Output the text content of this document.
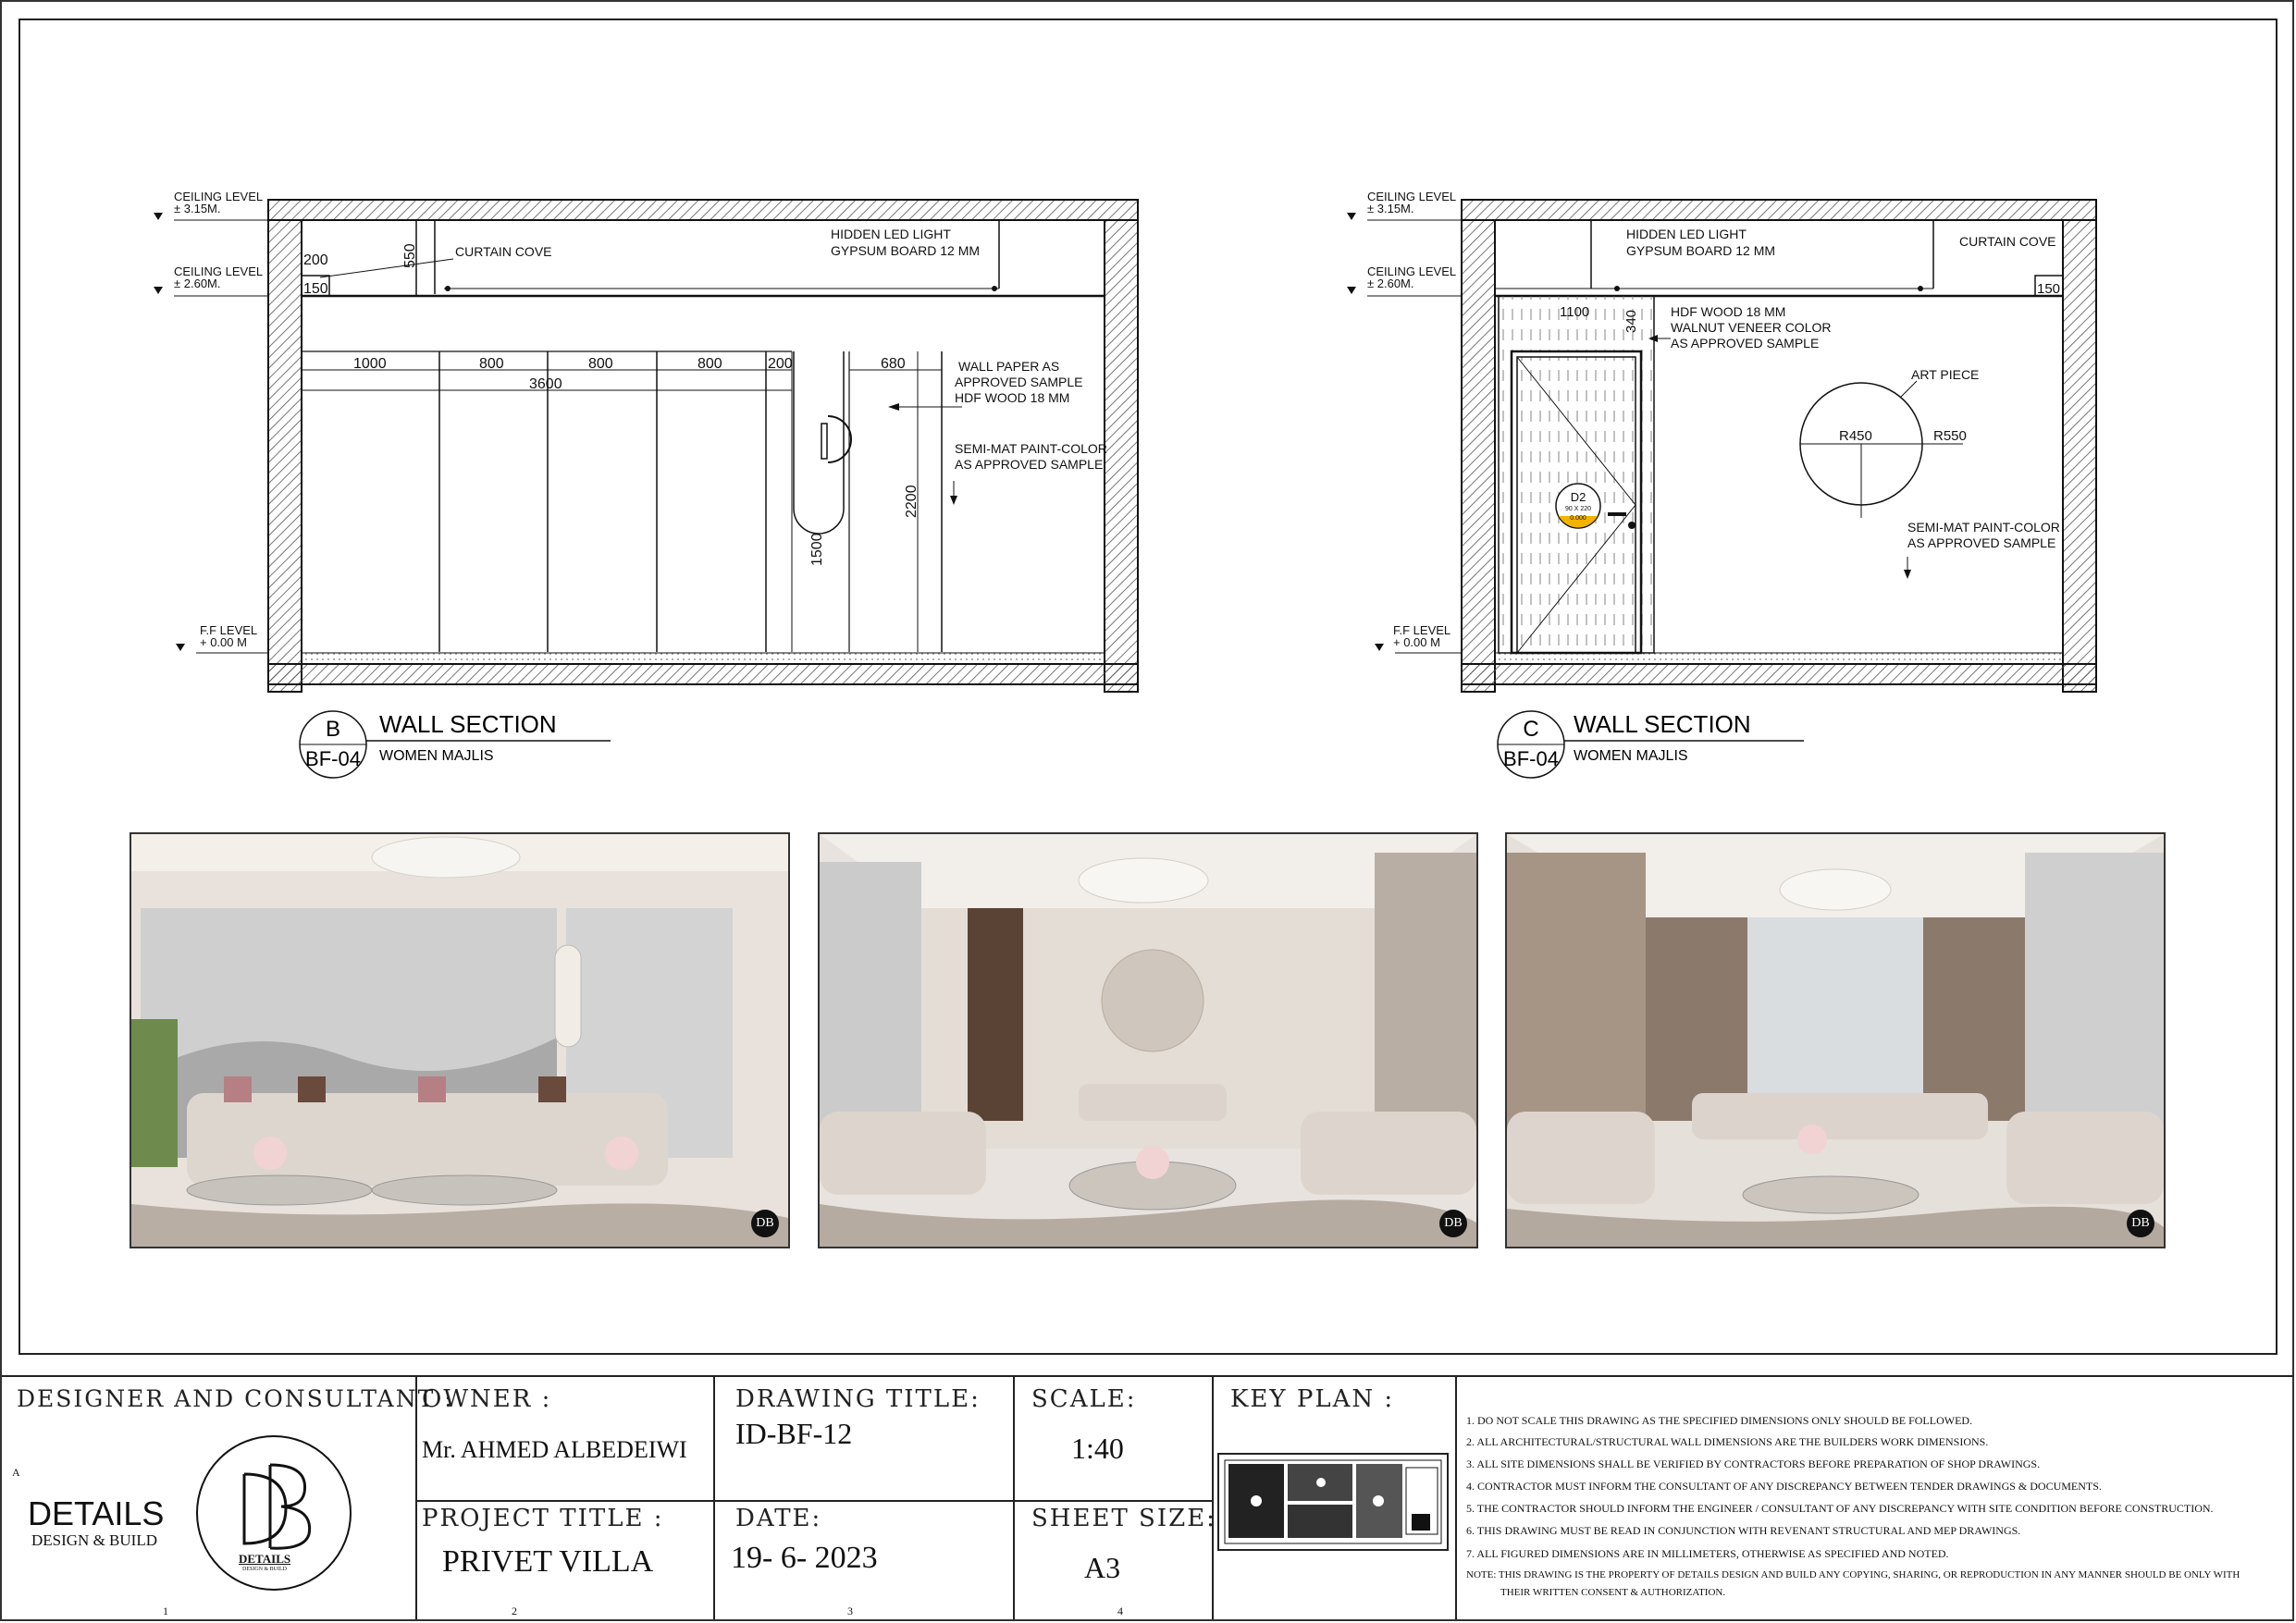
CEILING LEVEL
± 3.15M.
CEILING LEVEL
± 2.60M.
F.F LEVEL
+ 0.00 M
CURTAIN COVE
HIDDEN LED LIGHT
GYPSUM BOARD 12 MM
WALL PAPER AS
APPROVED SAMPLE
HDF WOOD 18 MM
SEMI-MAT PAINT-COLOR
AS APPROVED SAMPLE
1000	800	800	800	200	680
3600
200
150
550
1500
2200
B
BF-04
WALL SECTION
WOMEN MAJLIS
CEILING LEVEL
± 3.15M.
CEILING LEVEL
± 2.60M.
F.F LEVEL
+ 0.00 M
HIDDEN LED LIGHT
GYPSUM BOARD 12 MM
CURTAIN COVE
HDF WOOD 18 MM
WALNUT VENEER COLOR
AS APPROVED SAMPLE
ART PIECE
R450	R550
SEMI-MAT PAINT-COLOR
AS APPROVED SAMPLE
1100 340
150
D2
90 X 220
0.000
C
BF-04
WALL SECTION
WOMEN MAJLIS
DB	DB	DB
DESIGNER AND CONSULTANT :
A
DETAILS
DESIGN & BUILD
DETAILS
DESIGN & BUILD
OWNER :
Mr. AHMED ALBEDEIWI
PROJECT TITLE :
PRIVET VILLA
DRAWING TITLE:
ID-BF-12
DATE:
19- 6- 2023
SCALE:
1:40
SHEET SIZE:
A3
KEY PLAN :
1. DO NOT SCALE THIS DRAWING AS THE SPECIFIED DIMENSIONS ONLY SHOULD BE FOLLOWED.
2. ALL ARCHITECTURAL/STRUCTURAL WALL DIMENSIONS ARE THE BUILDERS WORK DIMENSIONS.
3. ALL SITE DIMENSIONS SHALL BE VERIFIED BY CONTRACTORS BEFORE PREPARATION OF SHOP DRAWINGS.
4. CONTRACTOR MUST INFORM THE CONSULTANT OF ANY DISCREPANCY BETWEEN TENDER DRAWINGS & DOCUMENTS.
5. THE CONTRACTOR SHOULD INFORM THE ENGINEER / CONSULTANT OF ANY DISCREPANCY WITH SITE CONDITION BEFORE CONSTRUCTION.
6. THIS DRAWING MUST BE READ IN CONJUNCTION WITH REVENANT STRUCTURAL AND MEP DRAWINGS.
7. ALL FIGURED DIMENSIONS ARE IN MILLIMETERS, OTHERWISE AS SPECIFIED AND NOTED.
NOTE: THIS DRAWING IS THE PROPERTY OF DETAILS DESIGN AND BUILD ANY COPYING, SHARING, OR REPRODUCTION IN ANY MANNER SHOULD BE ONLY WITH
THEIR WRITTEN CONSENT & AUTHORIZATION.
1	2	3	4
